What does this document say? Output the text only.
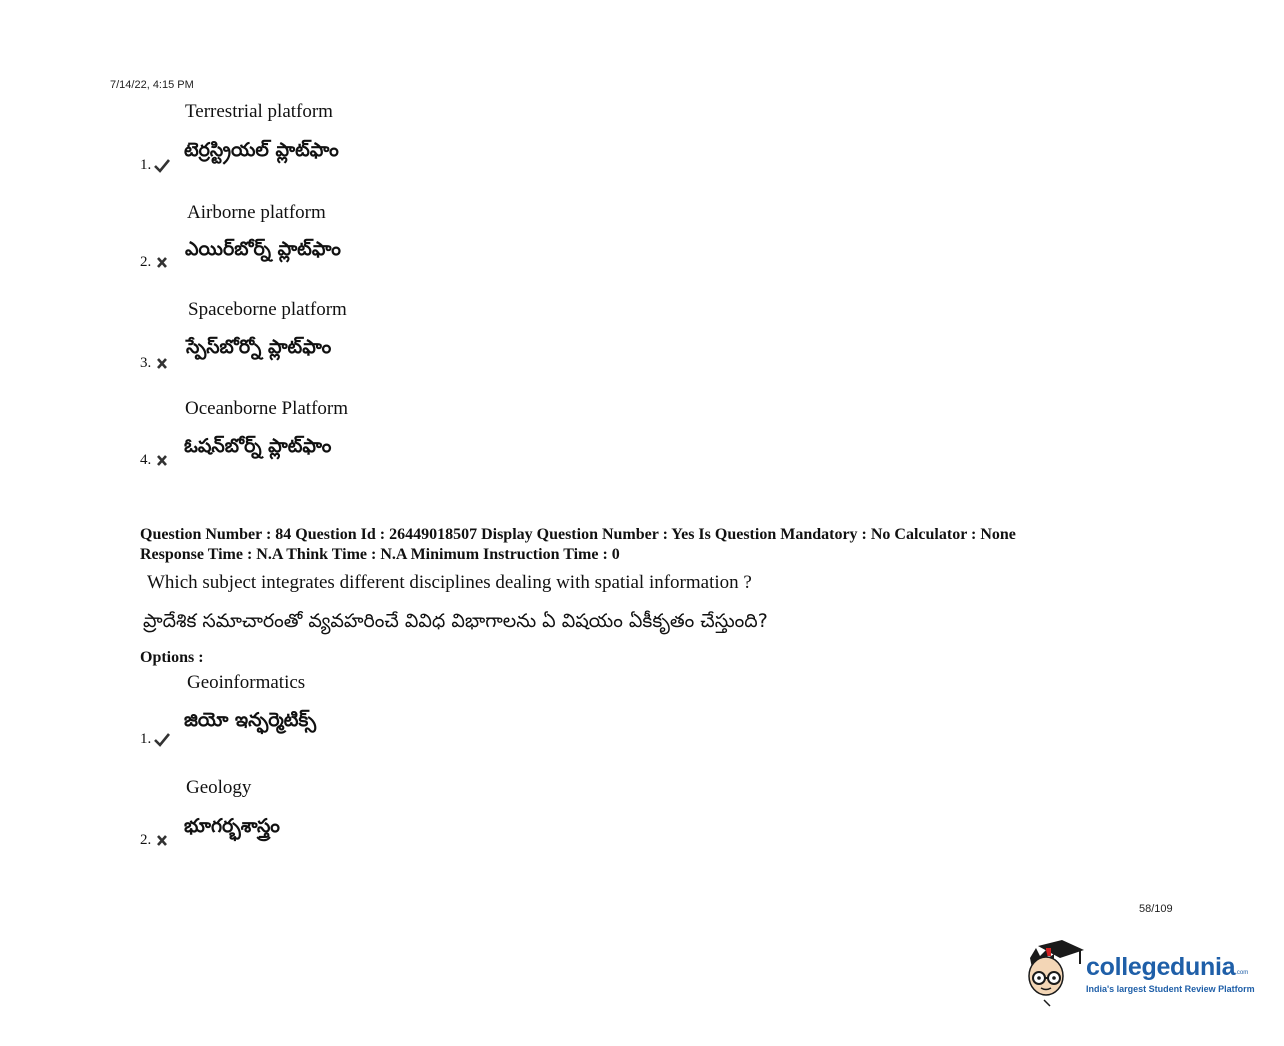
7/14/22, 4:15 PM
Terrestrial platform
టెర్రస్ట్రియల్ ప్లాట్‌ఫాం
1.
Airborne platform
ఎయిర్‌బోర్న్ ప్లాట్‌ఫాం
2.
Spaceborne platform
స్పేస్‌బోర్నో ప్లాట్‌ఫాం
3.
Oceanborne Platform
ఓషన్‌బోర్న్ ప్లాట్‌ఫాం
4.
Question Number : 84 Question Id : 26449018507 Display Question Number : Yes Is Question Mandatory : No Calculator : None
Response Time : N.A Think Time : N.A Minimum Instruction Time : 0
Which subject integrates different disciplines dealing with spatial information ?
ప్రాదేశిక సమాచారంతో వ్యవహరించే వివిధ విభాగాలను ఏ విషయం ఏకీకృతం చేస్తుంది?
Options :
Geoinformatics
జియో ఇన్ఫర్మెటిక్స్
1.
Geology
భూగర్భశాస్త్రం
2.
58/109
collegedunia .com
India's largest Student Review Platform
